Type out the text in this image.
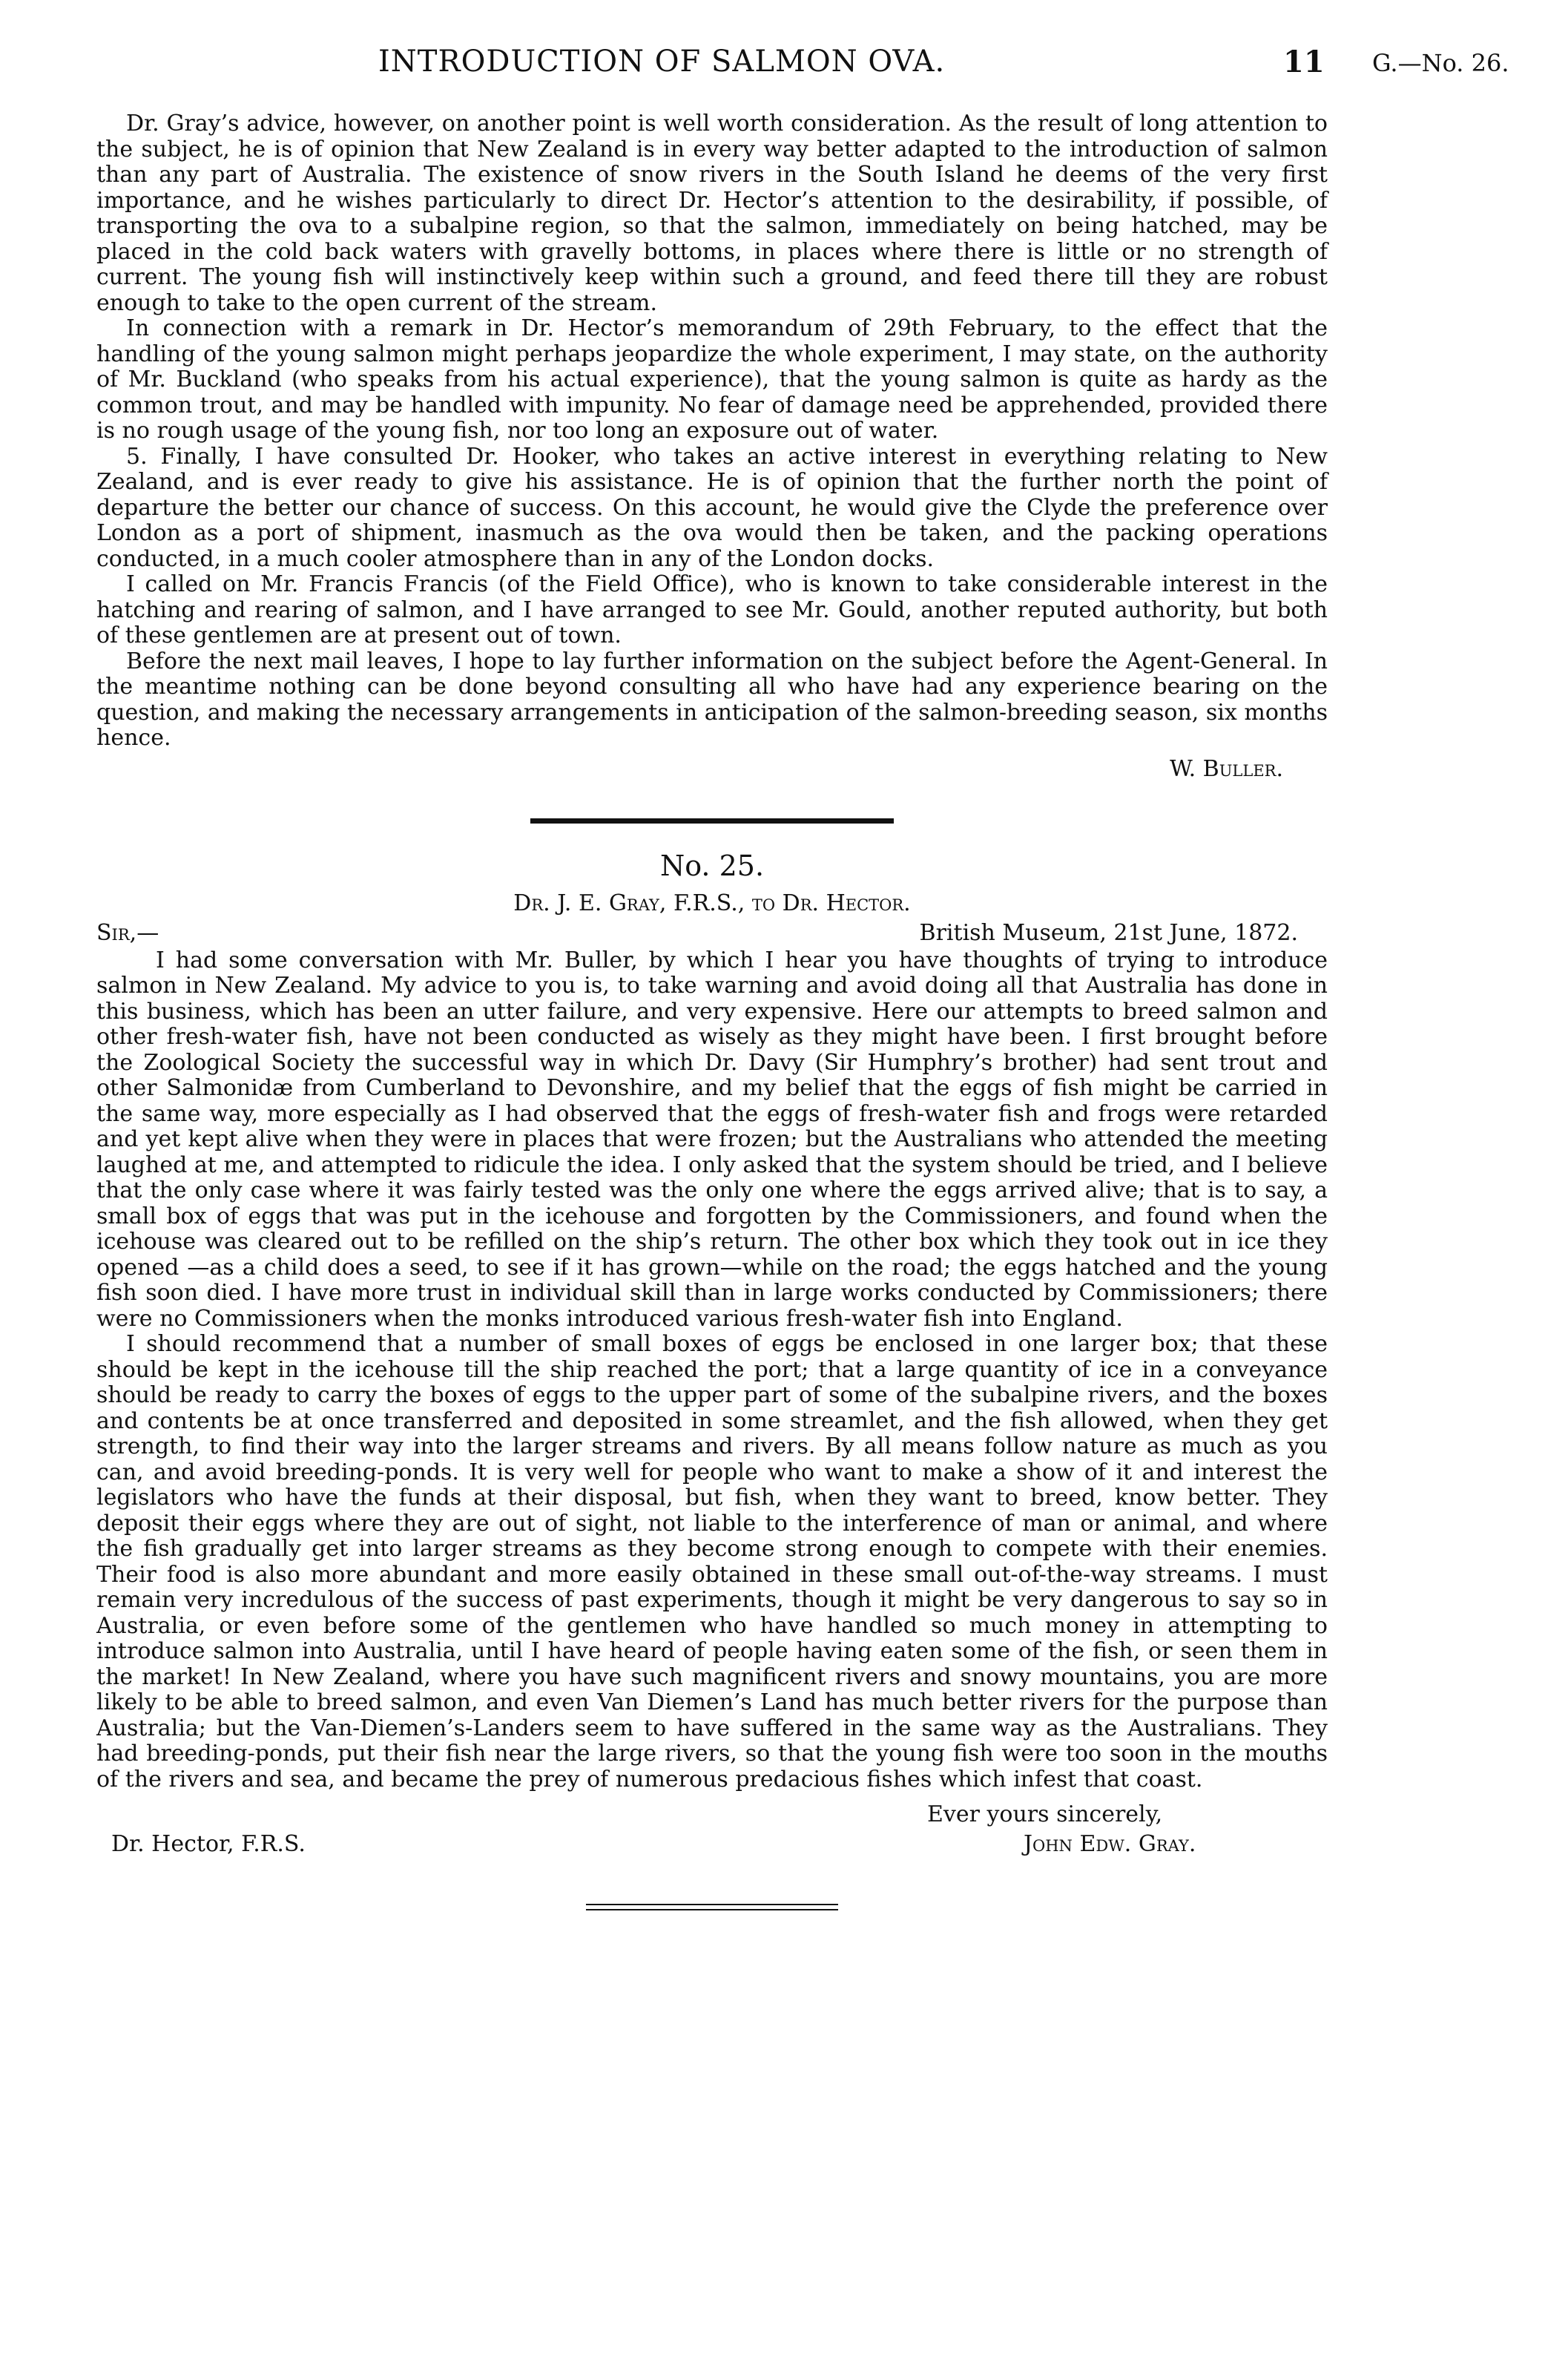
INTRODUCTION OF SALMON OVA.	11 G.—No. 26.

Dr. Gray’s advice, however, on another point is well worth consideration. As the result of long attention to the subject, he is of opinion that New Zealand is in every way better adapted to the introduction of salmon than any part of Australia. The existence of snow rivers in the South Island he deems of the very first importance, and he wishes particularly to direct Dr. Hector’s attention to the desirability, if possible, of transporting the ova to a subalpine region, so that the salmon, immediately on being hatched, may be placed in the cold back waters with gravelly bottoms, in places where there is little or no strength of current. The young fish will instinctively keep within such a ground, and feed there till they are robust enough to take to the open current of the stream.

In connection with a remark in Dr. Hector’s memorandum of 29th February, to the effect that the handling of the young salmon might perhaps jeopardize the whole experiment, I may state, on the authority of Mr. Buckland (who speaks from his actual experience), that the young salmon is quite as hardy as the common trout, and may be handled with impunity. No fear of damage need be apprehended, provided there is no rough usage of the young fish, nor too long an exposure out of water.

5. Finally, I have consulted Dr. Hooker, who takes an active interest in everything relating to New Zealand, and is ever ready to give his assistance. He is of opinion that the further north the point of departure the better our chance of success. On this account, he would give the Clyde the preference over London as a port of shipment, inasmuch as the ova would then be taken, and the packing operations conducted, in a much cooler atmosphere than in any of the London docks.

I called on Mr. Francis Francis (of the Field Office), who is known to take considerable interest in the hatching and rearing of salmon, and I have arranged to see Mr. Gould, another reputed authority, but both of these gentlemen are at present out of town.

Before the next mail leaves, I hope to lay further information on the subject before the Agent-General. In the meantime nothing can be done beyond consulting all who have had any experience bearing on the question, and making the necessary arrangements in anticipation of the salmon-breeding season, six months hence.

W. Buller.
No. 25.
Dr. J. E. Gray, F.R.S., to Dr. Hector.
Sir,—	British Museum, 21st June, 1872.

I had some conversation with Mr. Buller, by which I hear you have thoughts of trying to introduce salmon in New Zealand. My advice to you is, to take warning and avoid doing all that Australia has done in this business, which has been an utter failure, and very expensive. Here our attempts to breed salmon and other fresh-water fish, have not been conducted as wisely as they might have been. I first brought before the Zoological Society the successful way in which Dr. Davy (Sir Humphry’s brother) had sent trout and other Salmonidæ from Cumberland to Devonshire, and my belief that the eggs of fish might be carried in the same way, more especially as I had observed that the eggs of fresh-water fish and frogs were retarded and yet kept alive when they were in places that were frozen; but the Australians who attended the meeting laughed at me, and attempted to ridicule the idea. I only asked that the system should be tried, and I believe that the only case where it was fairly tested was the only one where the eggs arrived alive; that is to say, a small box of eggs that was put in the icehouse and forgotten by the Commissioners, and found when the icehouse was cleared out to be refilled on the ship’s return. The other box which they took out in ice they opened —as a child does a seed, to see if it has grown—while on the road; the eggs hatched and the young fish soon died. I have more trust in individual skill than in large works conducted by Commissioners; there were no Commissioners when the monks introduced various fresh-water fish into England.

I should recommend that a number of small boxes of eggs be enclosed in one larger box; that these should be kept in the icehouse till the ship reached the port; that a large quantity of ice in a conveyance should be ready to carry the boxes of eggs to the upper part of some of the subalpine rivers, and the boxes and contents be at once transferred and deposited in some streamlet, and the fish allowed, when they get strength, to find their way into the larger streams and rivers. By all means follow nature as much as you can, and avoid breeding-ponds. It is very well for people who want to make a show of it and interest the legislators who have the funds at their disposal, but fish, when they want to breed, know better. They deposit their eggs where they are out of sight, not liable to the interference of man or animal, and where the fish gradually get into larger streams as they become strong enough to compete with their enemies. Their food is also more abundant and more easily obtained in these small out-of-the-way streams. I must remain very incredulous of the success of past experiments, though it might be very dangerous to say so in Australia, or even before some of the gentlemen who have handled so much money in attempting to introduce salmon into Australia, until I have heard of people having eaten some of the fish, or seen them in the market! In New Zealand, where you have such magnificent rivers and snowy mountains, you are more likely to be able to breed salmon, and even Van Diemen’s Land has much better rivers for the purpose than Australia; but the Van-Diemen’s-Landers seem to have suffered in the same way as the Australians. They had breeding-ponds, put their fish near the large rivers, so that the young fish were too soon in the mouths of the rivers and sea, and became the prey of numerous predacious fishes which infest that coast.

Ever yours sincerely,
Dr. Hector, F.R.S.	John Edw. Gray.
